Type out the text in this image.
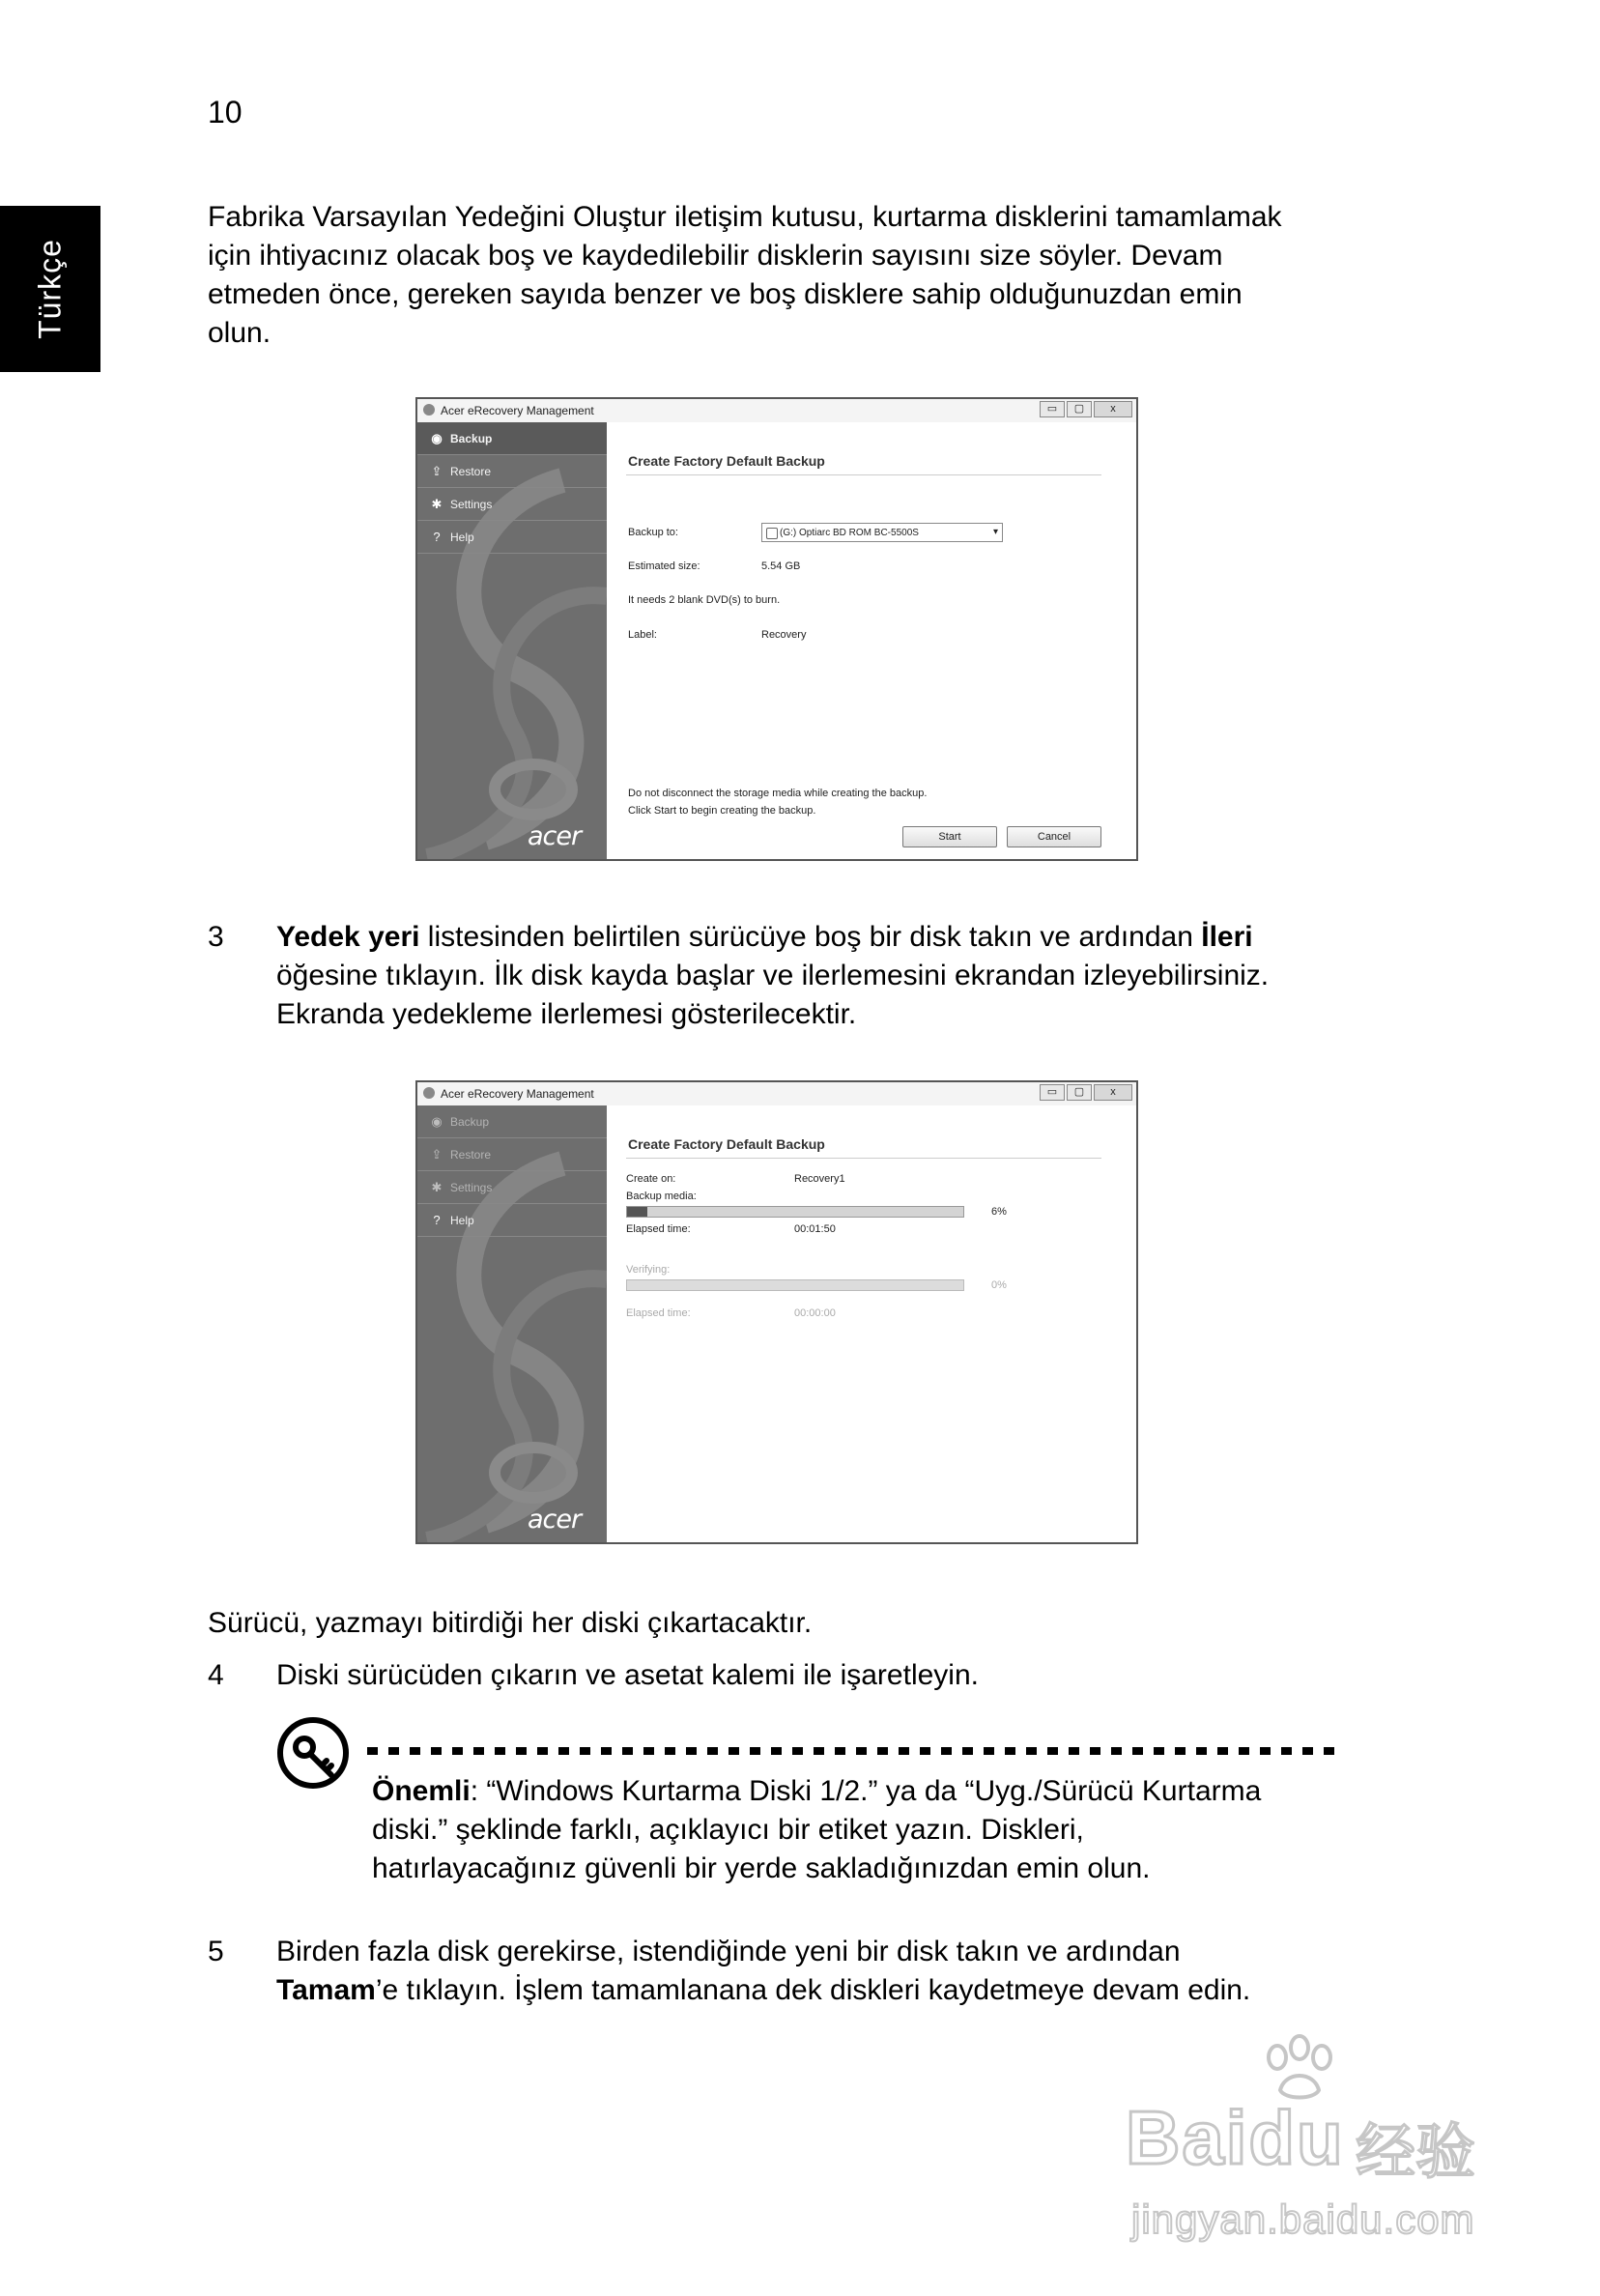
10
Türkçe
Fabrika Varsayılan Yedeğini Oluştur iletişim kutusu, kurtarma disklerini tamamlamak
için ihtiyacınız olacak boş ve kaydedilebilir disklerin sayısını size söyler. Devam
etmeden önce, gereken sayıda benzer ve boş disklere sahip olduğunuzdan emin
olun.
Acer eRecovery Management	▭	▢	x
◉ Backup
⇪ Restore
✱ Settings
? Help
acer
Create Factory Default Backup
Backup to:	(G:) Optiarc BD ROM BC-5500S	▾
Estimated size:	5.54 GB
It needs 2 blank DVD(s) to burn.
Label:	Recovery
Do not disconnect the storage media while creating the backup.
Click Start to begin creating the backup.
Start	Cancel
3 Yedek yeri listesinden belirtilen sürücüye boş bir disk takın ve ardından İleri
öğesine tıklayın. İlk disk kayda başlar ve ilerlemesini ekrandan izleyebilirsiniz.
Ekranda yedekleme ilerlemesi gösterilecektir.
Acer eRecovery Management	▭	▢	x
◉ Backup
⇪ Restore
✱ Settings
? Help
acer
Create Factory Default Backup
Create on:	Recovery1
Backup media:
6%
Elapsed time:	00:01:50
Verifying:
0%
Elapsed time:	00:00:00
Sürücü, yazmayı bitirdiği her diski çıkartacaktır.
4 Diski sürücüden çıkarın ve asetat kalemi ile işaretleyin.
Önemli: “Windows Kurtarma Diski 1/2.” ya da “Uyg./Sürücü Kurtarma
diski.” şeklinde farklı, açıklayıcı bir etiket yazın. Diskleri,
hatırlayacağınız güvenli bir yerde sakladığınızdan emin olun.
5 Birden fazla disk gerekirse, istendiğinde yeni bir disk takın ve ardından
Tamam’e tıklayın. İşlem tamamlanana dek diskleri kaydetmeye devam edin.
Baidu 经验
jingyan.baidu.com
